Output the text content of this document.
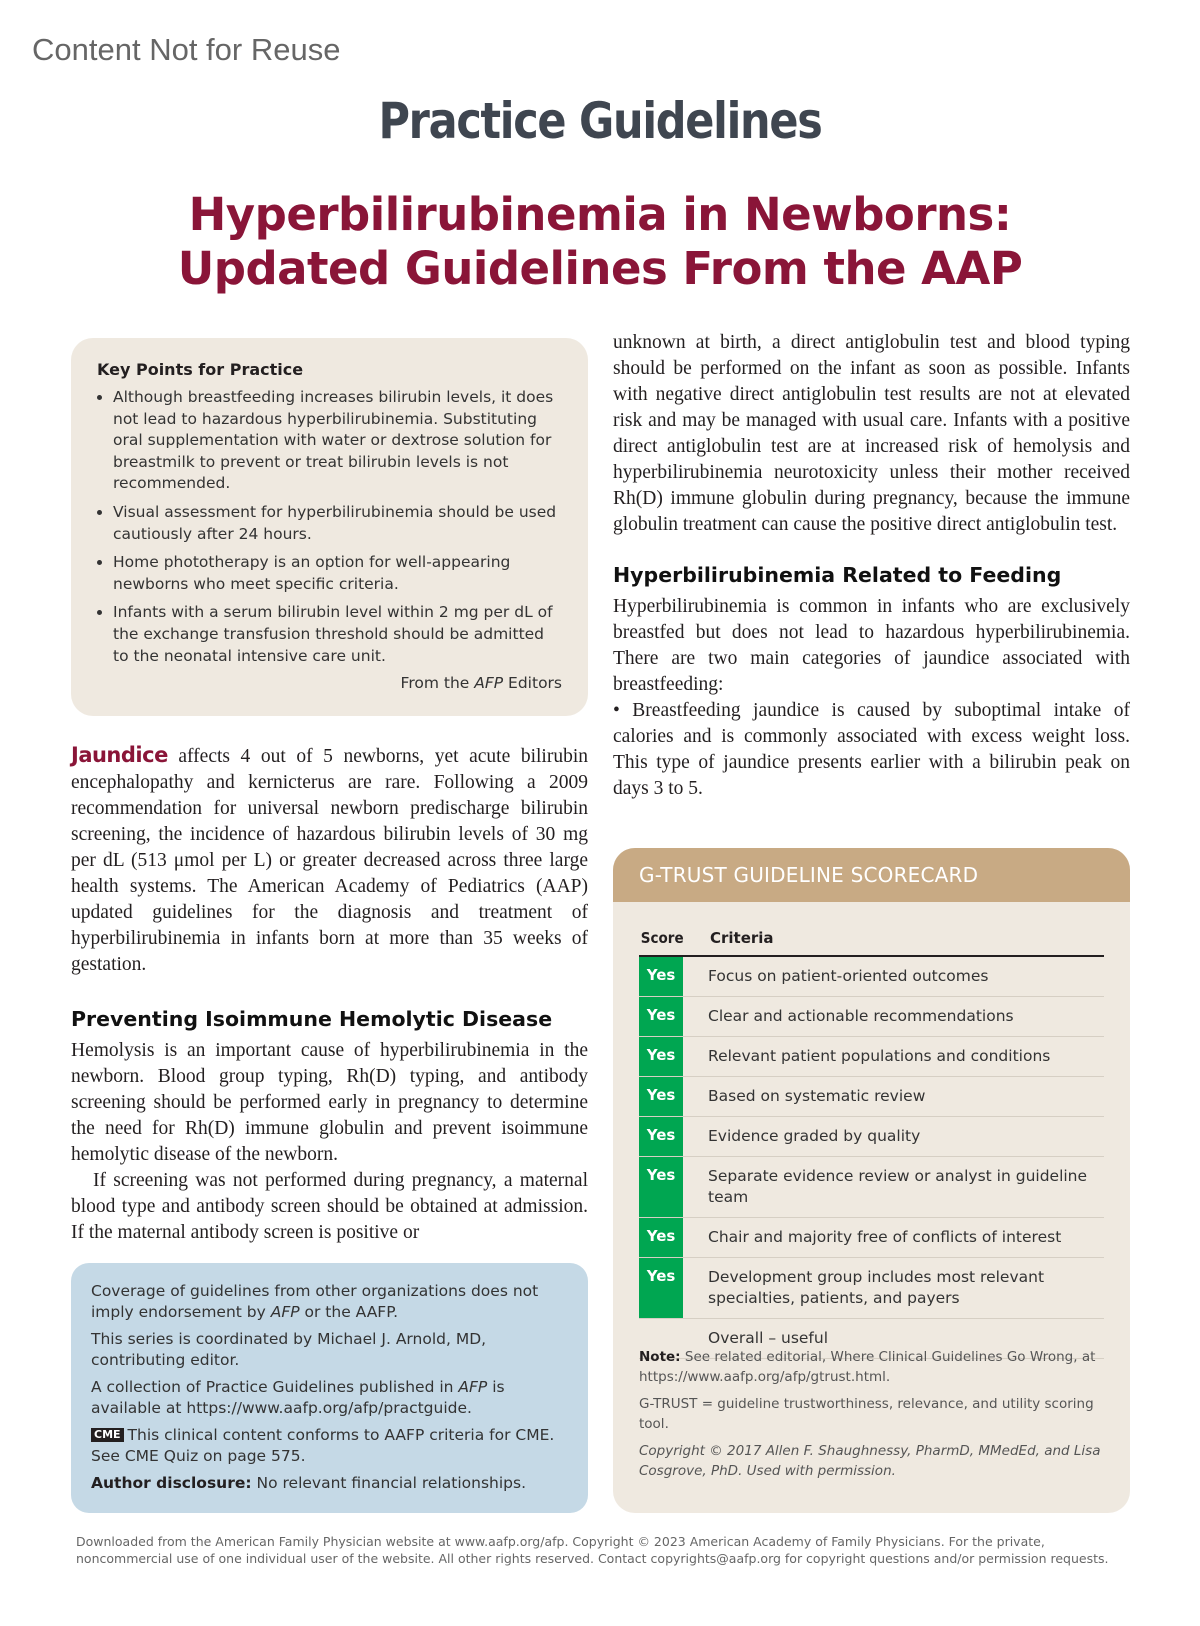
Content Not for Reuse
Practice Guidelines
Hyperbilirubinemia in Newborns:
Updated Guidelines From the AAP
Key Points for Practice
• Although breastfeeding increases bilirubin levels, it does not lead to hazardous hyperbilirubinemia. Substituting oral supplementation with water or dextrose solution for breastmilk to prevent or treat bilirubin levels is not recommended.
• Visual assessment for hyperbilirubinemia should be used cautiously after 24 hours.
• Home phototherapy is an option for well-appearing newborns who meet specific criteria.
• Infants with a serum bilirubin level within 2 mg per dL of the exchange transfusion threshold should be admitted to the neonatal intensive care unit.
From the AFP Editors

Jaundice affects 4 out of 5 newborns, yet acute bilirubin encephalopathy and kernicterus are rare. Following a 2009 recommendation for universal newborn predischarge bilirubin screening, the incidence of hazardous bilirubin levels of 30 mg per dL (513 μmol per L) or greater decreased across three large health systems. The American Academy of Pediatrics (AAP) updated guidelines for the diagnosis and treatment of hyperbilirubinemia in infants born at more than 35 weeks of gestation.

Preventing Isoimmune Hemolytic Disease

Hemolysis is an important cause of hyperbilirubinemia in the newborn. Blood group typing, Rh(D) typing, and antibody screening should be performed early in pregnancy to determine the need for Rh(D) immune globulin and prevent isoimmune hemolytic disease of the newborn.

If screening was not performed during pregnancy, a maternal blood type and antibody screen should be obtained at admission. If the maternal antibody screen is positive or

unknown at birth, a direct antiglobulin test and blood typing should be performed on the infant as soon as possible. Infants with negative direct antiglobulin test results are not at elevated risk and may be managed with usual care. Infants with a positive direct antiglobulin test are at increased risk of hemolysis and hyperbilirubinemia neurotoxicity unless their mother received Rh(D) immune globulin during pregnancy, because the immune globulin treatment can cause the positive direct antiglobulin test.

Hyperbilirubinemia Related to Feeding

Hyperbilirubinemia is common in infants who are exclusively breastfed but does not lead to hazardous hyperbilirubinemia. There are two main categories of jaundice associated with breastfeeding:

• Breastfeeding jaundice is caused by suboptimal intake of calories and is commonly associated with excess weight loss. This type of jaundice presents earlier with a bilirubin peak on days 3 to 5.

Coverage of guidelines from other organizations does not imply endorsement by AFP or the AAFP.

This series is coordinated by Michael J. Arnold, MD, contributing editor.

A collection of Practice Guidelines published in AFP is available at https://www.aafp.org/afp/practguide.

CME This clinical content conforms to AAFP criteria for CME. See CME Quiz on page 575.

Author disclosure: No relevant financial relationships.

G-TRUST GUIDELINE SCORECARD
Score	Criteria
Yes	Focus on patient-oriented outcomes
Yes	Clear and actionable recommendations
Yes	Relevant patient populations and conditions
Yes	Based on systematic review
Yes	Evidence graded by quality
Yes	Separate evidence review or analyst in guideline team
Yes	Chair and majority free of conflicts of interest
Yes	Development group includes most relevant specialties, patients, and payers
Overall – useful

Note: See related editorial, Where Clinical Guidelines Go Wrong, at https://www.aafp.org/afp/gtrust.html.

G-TRUST = guideline trustworthiness, relevance, and utility scoring tool.

Copyright © 2017 Allen F. Shaughnessy, PharmD, MMedEd, and Lisa Cosgrove, PhD. Used with permission.

Downloaded from the American Family Physician website at www.aafp.org/afp. Copyright © 2023 American Academy of Family Physicians. For the private, noncommercial use of one individual user of the website. All other rights reserved. Contact copyrights@aafp.org for copyright questions and/or permission requests.
